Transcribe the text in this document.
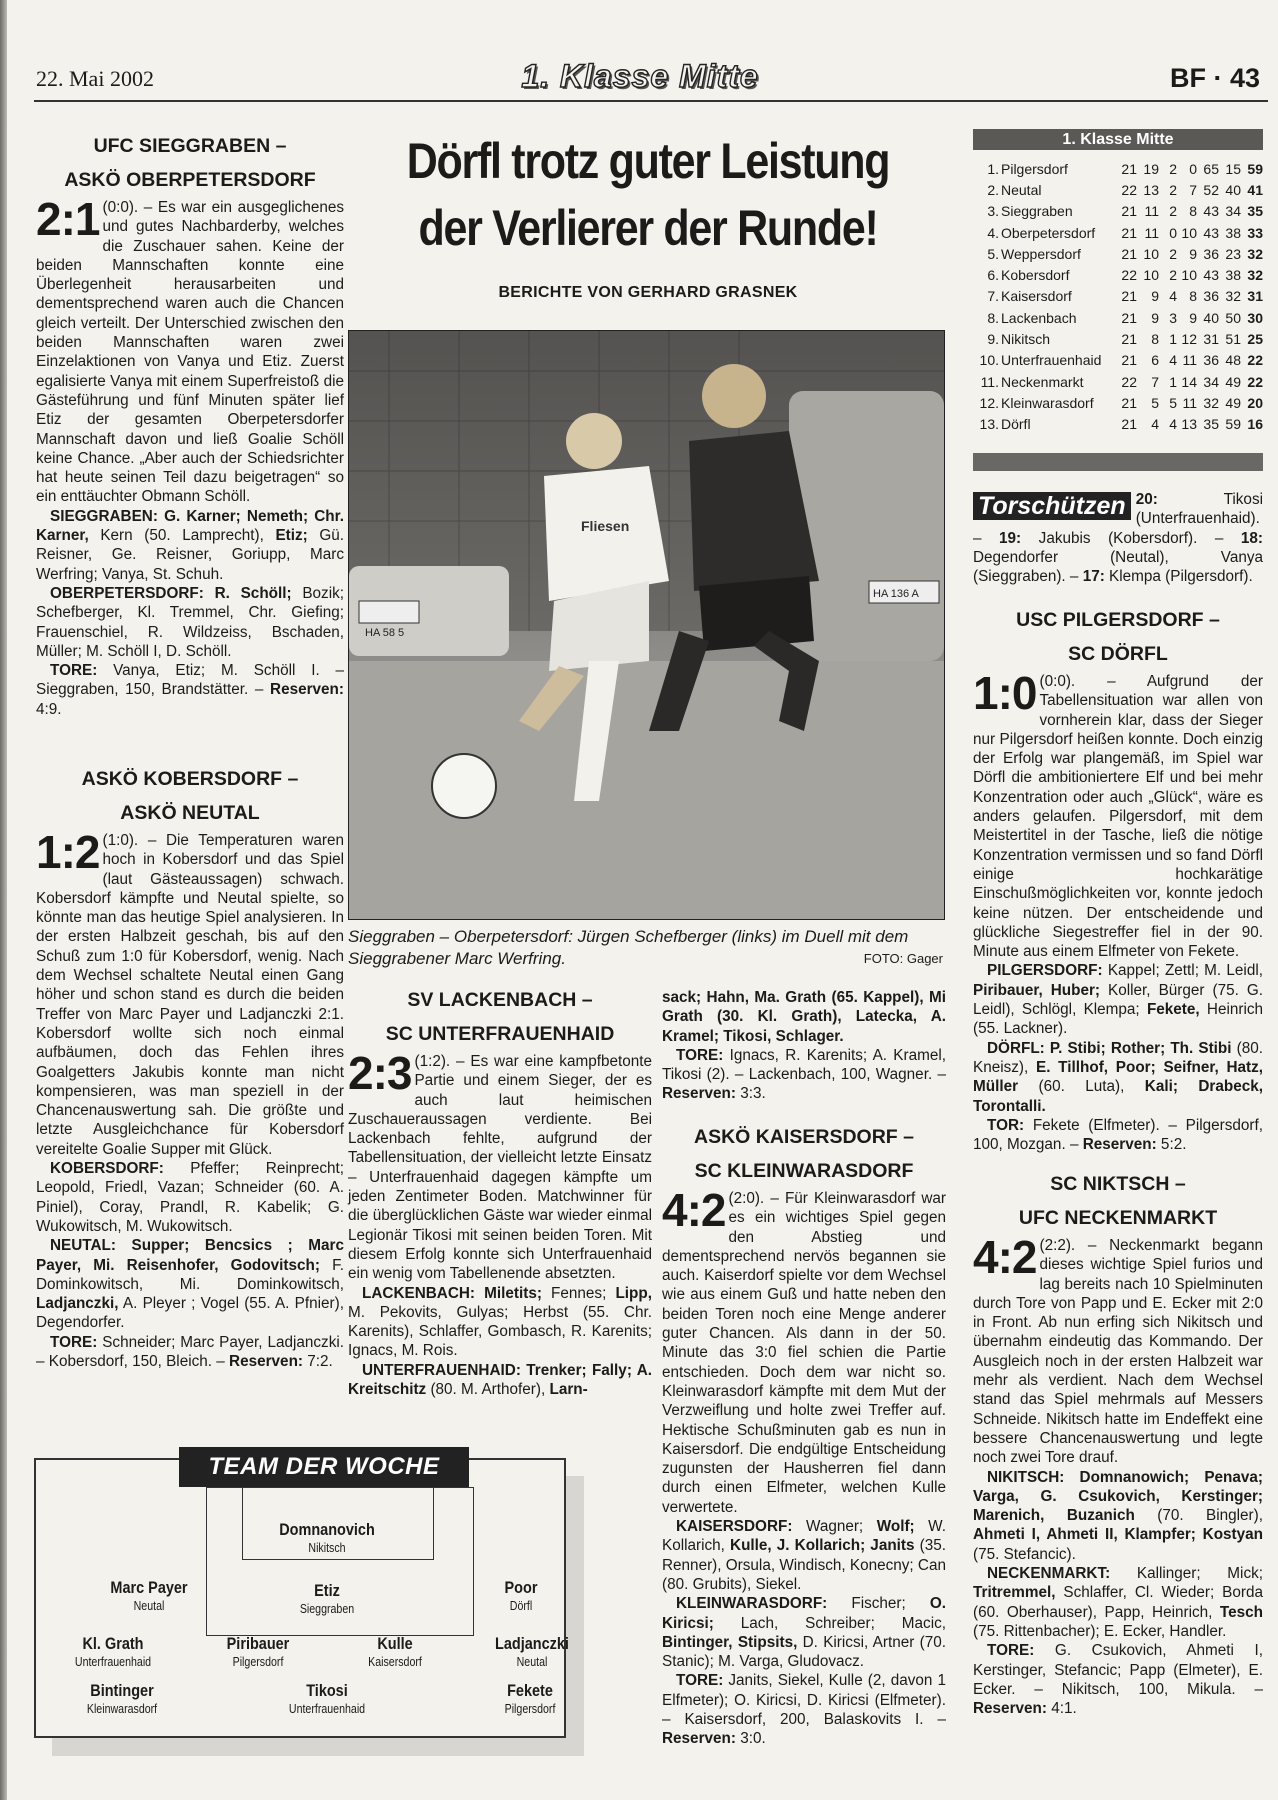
22. Mai 2002	1. Klasse Mitte	BF · 43
UFC SIEGGRABEN –
ASKÖ OBERPETERSDORF

2:1 (0:0). – Es war ein ausgeglichenes und gutes Nachbarderby, welches die Zuschauer sahen. Keine der beiden Mannschaften konnte eine Überlegenheit herausarbeiten und dementsprechend waren auch die Chancen gleich verteilt. Der Unterschied zwischen den beiden Mannschaften waren zwei Einzelaktionen von Vanya und Etiz. Zuerst egalisierte Vanya mit einem Superfreistoß die Gästeführung und fünf Minuten später lief Etiz der gesamten Oberpetersdorfer Mannschaft davon und ließ Goalie Schöll keine Chance. „Aber auch der Schiedsrichter hat heute seinen Teil dazu beigetragen“ so ein enttäuchter Obmann Schöll.

SIEGGRABEN: G. Karner; Nemeth; Chr. Karner, Kern (50. Lamprecht), Etiz; Gü. Reisner, Ge. Reisner, Goriupp, Marc Werfring; Vanya, St. Schuh.

OBERPETERSDORF: R. Schöll; Bozik; Schefberger, Kl. Tremmel, Chr. Giefing; Frauenschiel, R. Wildzeiss, Bschaden, Müller; M. Schöll I, D. Schöll.

TORE: Vanya, Etiz; M. Schöll I. – Sieggraben, 150, Brandstätter. – Reserven: 4:9.

ASKÖ KOBERSDORF –
ASKÖ NEUTAL

1:2 (1:0). – Die Temperaturen waren hoch in Kobersdorf und das Spiel (laut Gästeaussagen) schwach. Kobersdorf kämpfte und Neutal spielte, so könnte man das heutige Spiel analysieren. In der ersten Halbzeit geschah, bis auf den Schuß zum 1:0 für Kobersdorf, wenig. Nach dem Wechsel schaltete Neutal einen Gang höher und schon stand es durch die beiden Treffer von Marc Payer und Ladjanczki 2:1. Kobersdorf wollte sich noch einmal aufbäumen, doch das Fehlen ihres Goalgetters Jakubis konnte man nicht kompensieren, was man speziell in der Chancenauswertung sah. Die größte und letzte Ausgleichchance für Kobersdorf vereitelte Goalie Supper mit Glück.

KOBERSDORF: Pfeffer; Reinprecht; Leopold, Friedl, Vazan; Schneider (60. A. Piniel), Coray, Prandl, R. Kabelik; G. Wukowitsch, M. Wukowitsch.

NEUTAL: Supper; Bencsics ; Marc Payer, Mi. Reisenhofer, Godovitsch; F. Dominkowitsch, Mi. Dominkowitsch, Ladjanczki, A. Pleyer ; Vogel (55. A. Pfnier), Degendorfer.

TORE: Schneider; Marc Payer, Ladjanczki. – Kobersdorf, 150, Bleich. – Reserven: 7:2.

Dörfl trotz guter Leistung
der Verlierer der Runde!
BERICHTE VON GERHARD GRASNEK
HA 58 5
HA 136 A
Fliesen
Sieggraben – Oberpetersdorf: Jürgen Schefberger (links) im Duell mit dem Sieggrabener Marc Werfring.	FOTO: Gager
SV LACKENBACH –
SC UNTERFRAUENHAID

2:3 (1:2). – Es war eine kampfbetonte Partie und einem Sieger, der es auch laut heimischen Zuschaueraussagen verdiente. Bei Lackenbach fehlte, aufgrund der Tabellensituation, der vielleicht letzte Einsatz – Unterfrauenhaid dagegen kämpfte um jeden Zentimeter Boden. Matchwinner für die überglücklichen Gäste war wieder einmal Legionär Tikosi mit seinen beiden Toren. Mit diesem Erfolg konnte sich Unterfrauenhaid ein wenig vom Tabellenende absetzten.

LACKENBACH: Miletits; Fennes; Lipp, M. Pekovits, Gulyas; Herbst (55. Chr. Karenits), Schlaffer, Gombasch, R. Karenits; Ignacs, M. Rois.

UNTERFRAUENHAID: Trenker; Fally; A. Kreitschitz (80. M. Arthofer), Larn-

sack; Hahn, Ma. Grath (65. Kappel), Mi Grath (30. Kl. Grath), Latecka, A. Kramel; Tikosi, Schlager.

TORE: Ignacs, R. Karenits; A. Kramel, Tikosi (2). – Lackenbach, 100, Wagner. – Reserven: 3:3.

ASKÖ KAISERSDORF –
SC KLEINWARASDORF

4:2 (2:0). – Für Kleinwarasdorf war es ein wichtiges Spiel gegen den Abstieg und dementsprechend nervös begannen sie auch. Kaiserdorf spielte vor dem Wechsel wie aus einem Guß und hatte neben den beiden Toren noch eine Menge anderer guter Chancen. Als dann in der 50. Minute das 3:0 fiel schien die Partie entschieden. Doch dem war nicht so. Kleinwarasdorf kämpfte mit dem Mut der Verzweiflung und holte zwei Treffer auf. Hektische Schußminuten gab es nun in Kaisersdorf. Die endgültige Entscheidung zugunsten der Hausherren fiel dann durch einen Elfmeter, welchen Kulle verwertete.

KAISERSDORF: Wagner; Wolf; W. Kollarich, Kulle, J. Kollarich; Janits (35. Renner), Orsula, Windisch, Konecny; Can (80. Grubits), Siekel.

KLEINWARASDORF: Fischer; O. Kiricsi; Lach, Schreiber; Macic, Bintinger, Stipsits, D. Kiricsi, Artner (70. Stanic); M. Varga, Gludovacz.

TORE: Janits, Siekel, Kulle (2, davon 1 Elfmeter); O. Kiricsi, D. Kiricsi (Elfmeter). – Kaisersdorf, 200, Balaskovits I. – Reserven: 3:0.

1. Klasse Mitte
1.	Pilgersdorf	21	19	2	0	65	15	59
2.	Neutal	22	13	2	7	52	40	41
3.	Sieggraben	21	11	2	8	43	34	35
4.	Oberpetersdorf	21	11	0	10	43	38	33
5.	Weppersdorf	21	10	2	9	36	23	32
6.	Kobersdorf	22	10	2	10	43	38	32
7.	Kaisersdorf	21	9	4	8	36	32	31
8.	Lackenbach	21	9	3	9	40	50	30
9.	Nikitsch	21	8	1	12	31	51	25
10.	Unterfrauenhaid	21	6	4	11	36	48	22
11.	Neckenmarkt	22	7	1	14	34	49	22
12.	Kleinwarasdorf	21	5	5	11	32	49	20
13.	Dörfl	21	4	4	13	35	59	16
Torschützen 20: Tikosi (Unterfrauenhaid). – 19: Jakubis (Kobersdorf). – 18: Degendorfer (Neutal), Vanya (Sieggraben). – 17: Klempa (Pilgersdorf).
USC PILGERSDORF –
SC DÖRFL

1:0 (0:0). – Aufgrund der Tabellensituation war allen von vornherein klar, dass der Sieger nur Pilgersdorf heißen konnte. Doch einzig der Erfolg war plangemäß, im Spiel war Dörfl die ambitioniertere Elf und bei mehr Konzentration oder auch „Glück“, wäre es anders gelaufen. Pilgersdorf, mit dem Meistertitel in der Tasche, ließ die nötige Konzentration vermissen und so fand Dörfl einige hochkarätige Einschußmöglichkeiten vor, konnte jedoch keine nützen. Der entscheidende und glückliche Siegestreffer fiel in der 90. Minute aus einem Elfmeter von Fekete.

PILGERSDORF: Kappel; Zettl; M. Leidl, Piribauer, Huber; Koller, Bürger (75. G. Leidl), Schlögl, Klempa; Fekete, Heinrich (55. Lackner).

DÖRFL: P. Stibi; Rother; Th. Stibi (80. Kneisz), E. Tillhof, Poor; Seifner, Hatz, Müller (60. Luta), Kali; Drabeck, Torontalli.

TOR: Fekete (Elfmeter). – Pilgersdorf, 100, Mozgan. – Reserven: 5:2.

SC NIKTSCH –
UFC NECKENMARKT

4:2 (2:2). – Neckenmarkt begann dieses wichtige Spiel furios und lag bereits nach 10 Spielminuten durch Tore von Papp und E. Ecker mit 2:0 in Front. Ab nun erfing sich Nikitsch und übernahm eindeutig das Kommando. Der Ausgleich noch in der ersten Halbzeit war mehr als verdient. Nach dem Wechsel stand das Spiel mehrmals auf Messers Schneide. Nikitsch hatte im Endeffekt eine bessere Chancenauswertung und legte noch zwei Tore drauf.

NIKITSCH: Domnanowich; Penava; Varga, G. Csukovich, Kerstinger; Marenich, Buzanich (70. Bingler), Ahmeti I, Ahmeti II, Klampfer; Kostyan (75. Stefancic).

NECKENMARKT: Kallinger; Mick; Tritremmel, Schlaffer, Cl. Wieder; Borda (60. Oberhauser), Papp, Heinrich, Tesch (75. Rittenbacher); E. Ecker, Handler.

TORE: G. Csukovich, Ahmeti I, Kerstinger, Stefancic; Papp (Elmeter), E. Ecker. – Nikitsch, 100, Mikula. – Reserven: 4:1.

TEAM DER WOCHE
Domnanovich
Nikitsch
Marc Payer
Neutal
Etiz
Sieggraben
Poor
Dörfl
Kl. Grath
Unterfrauenhaid
Piribauer
Pilgersdorf
Kulle
Kaisersdorf
Ladjanczki
Neutal
Bintinger
Kleinwarasdorf
Tikosi
Unterfrauenhaid
Fekete
Pilgersdorf
